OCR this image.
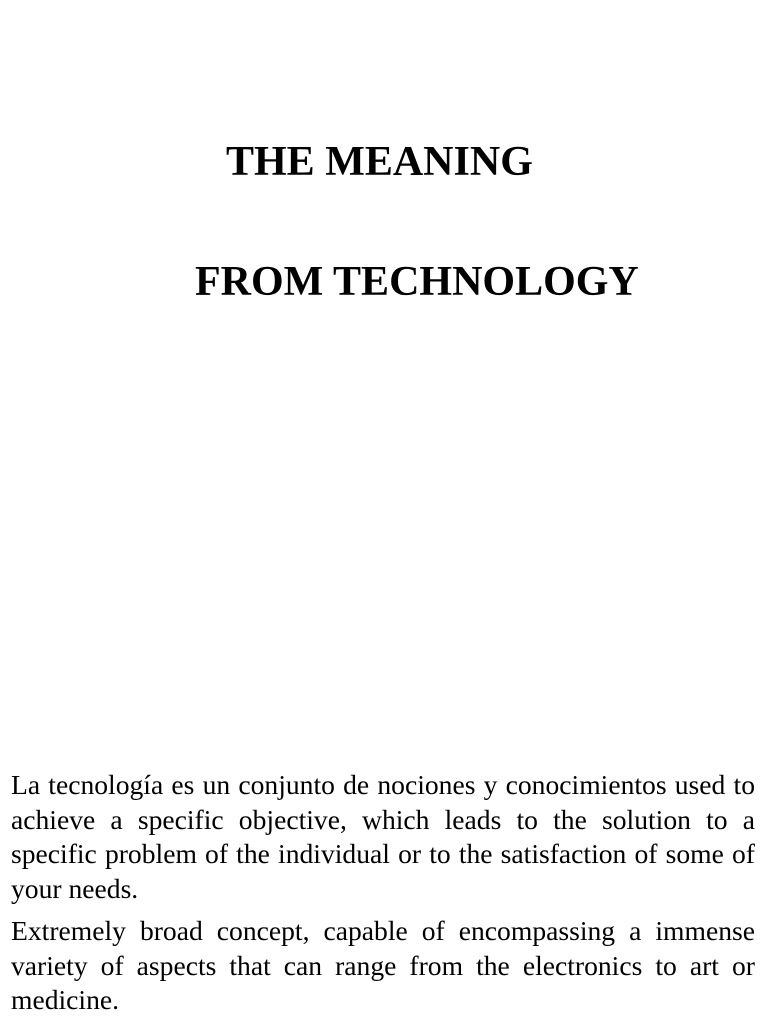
THE MEANING
FROM TECHNOLOGY

La tecnología es un conjunto de nociones y conocimientos used to achieve a specific objective, which leads to the solution to a specific problem of the individual or to the satisfaction of some of your needs.

Extremely broad concept, capable of encompassing a immense variety of aspects that can range from the electronics to art or medicine.
